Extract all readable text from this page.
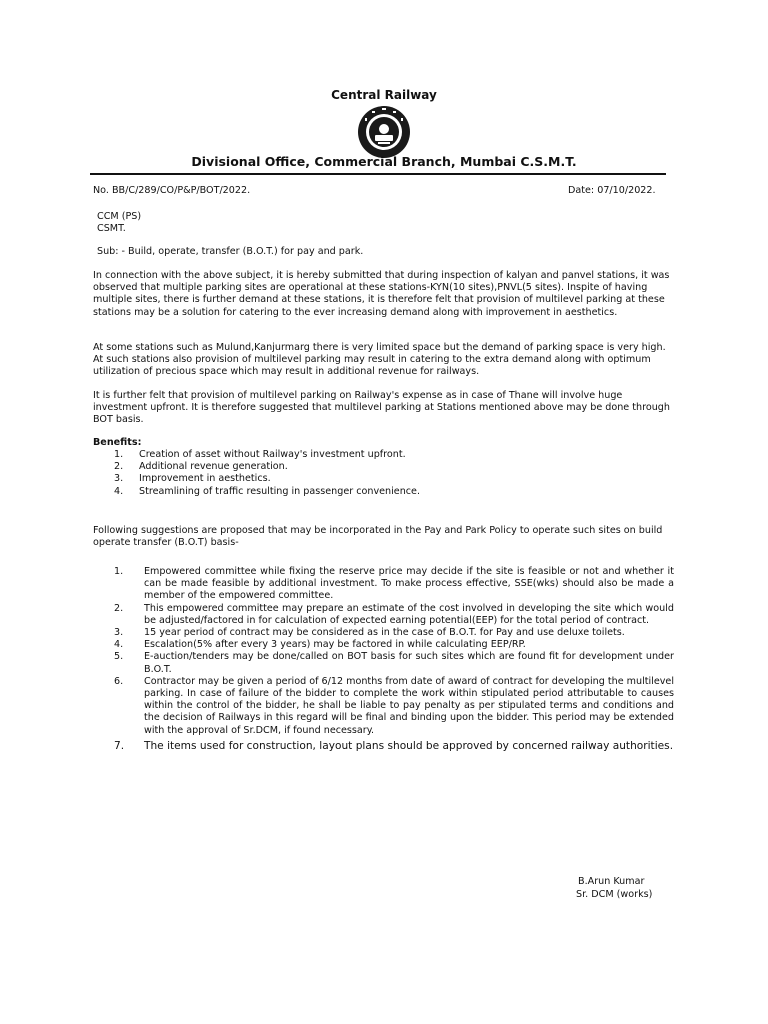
Central Railway
Divisional Office, Commercial Branch, Mumbai C.S.M.T.
No. BB/C/289/CO/P&P/BOT/2022.	Date: 07/10/2022.
CCM (PS)
CSMT.
Sub: - Build, operate, transfer (B.O.T.) for pay and park.
In connection with the above subject, it is hereby submitted that during inspection of kalyan and panvel stations, it was observed that multiple parking sites are operational at these stations-KYN(10 sites),PNVL(5 sites). Inspite of having multiple sites, there is further demand at these stations, it is therefore felt that provision of multilevel parking at these stations may be a solution for catering to the ever increasing demand along with improvement in aesthetics.
At some stations such as Mulund,Kanjurmarg there is very limited space but the demand of parking space is very high. At such stations also provision of multilevel parking may result in catering to the extra demand along with optimum utilization of precious space which may result in additional revenue for railways.
It is further felt that provision of multilevel parking on Railway's expense as in case of Thane will involve huge investment upfront. It is therefore suggested that multilevel parking at Stations mentioned above may be done through BOT basis.
Benefits:
1.	Creation of asset without Railway's investment upfront.
2.	Additional revenue generation.
3.	Improvement in aesthetics.
4.	Streamlining of traffic resulting in passenger convenience.
Following suggestions are proposed that may be incorporated in the Pay and Park Policy to operate such sites on build operate transfer (B.O.T) basis-
1.	Empowered committee while fixing the reserve price may decide if the site is feasible or not and whether it can be made feasible by additional investment. To make process effective, SSE(wks) should also be made a member of the empowered committee.
2.	This empowered committee may prepare an estimate of the cost involved in developing the site which would be adjusted/factored in for calculation of expected earning potential(EEP) for the total period of contract.
3.	15 year period of contract may be considered as in the case of B.O.T. for Pay and use deluxe toilets.
4.	Escalation(5% after every 3 years) may be factored in while calculating EEP/RP.
5.	E-auction/tenders may be done/called on BOT basis for such sites which are found fit for development under B.O.T.
6.	Contractor may be given a period of 6/12 months from date of award of contract for developing the multilevel parking. In case of failure of the bidder to complete the work within stipulated period attributable to causes within the control of the bidder, he shall be liable to pay penalty as per stipulated terms and conditions and the decision of Railways in this regard will be final and binding upon the bidder. This period may be extended with the approval of Sr.DCM, if found necessary.
7.	The items used for construction, layout plans should be approved by concerned railway authorities.
B.Arun Kumar
Sr. DCM (works)
